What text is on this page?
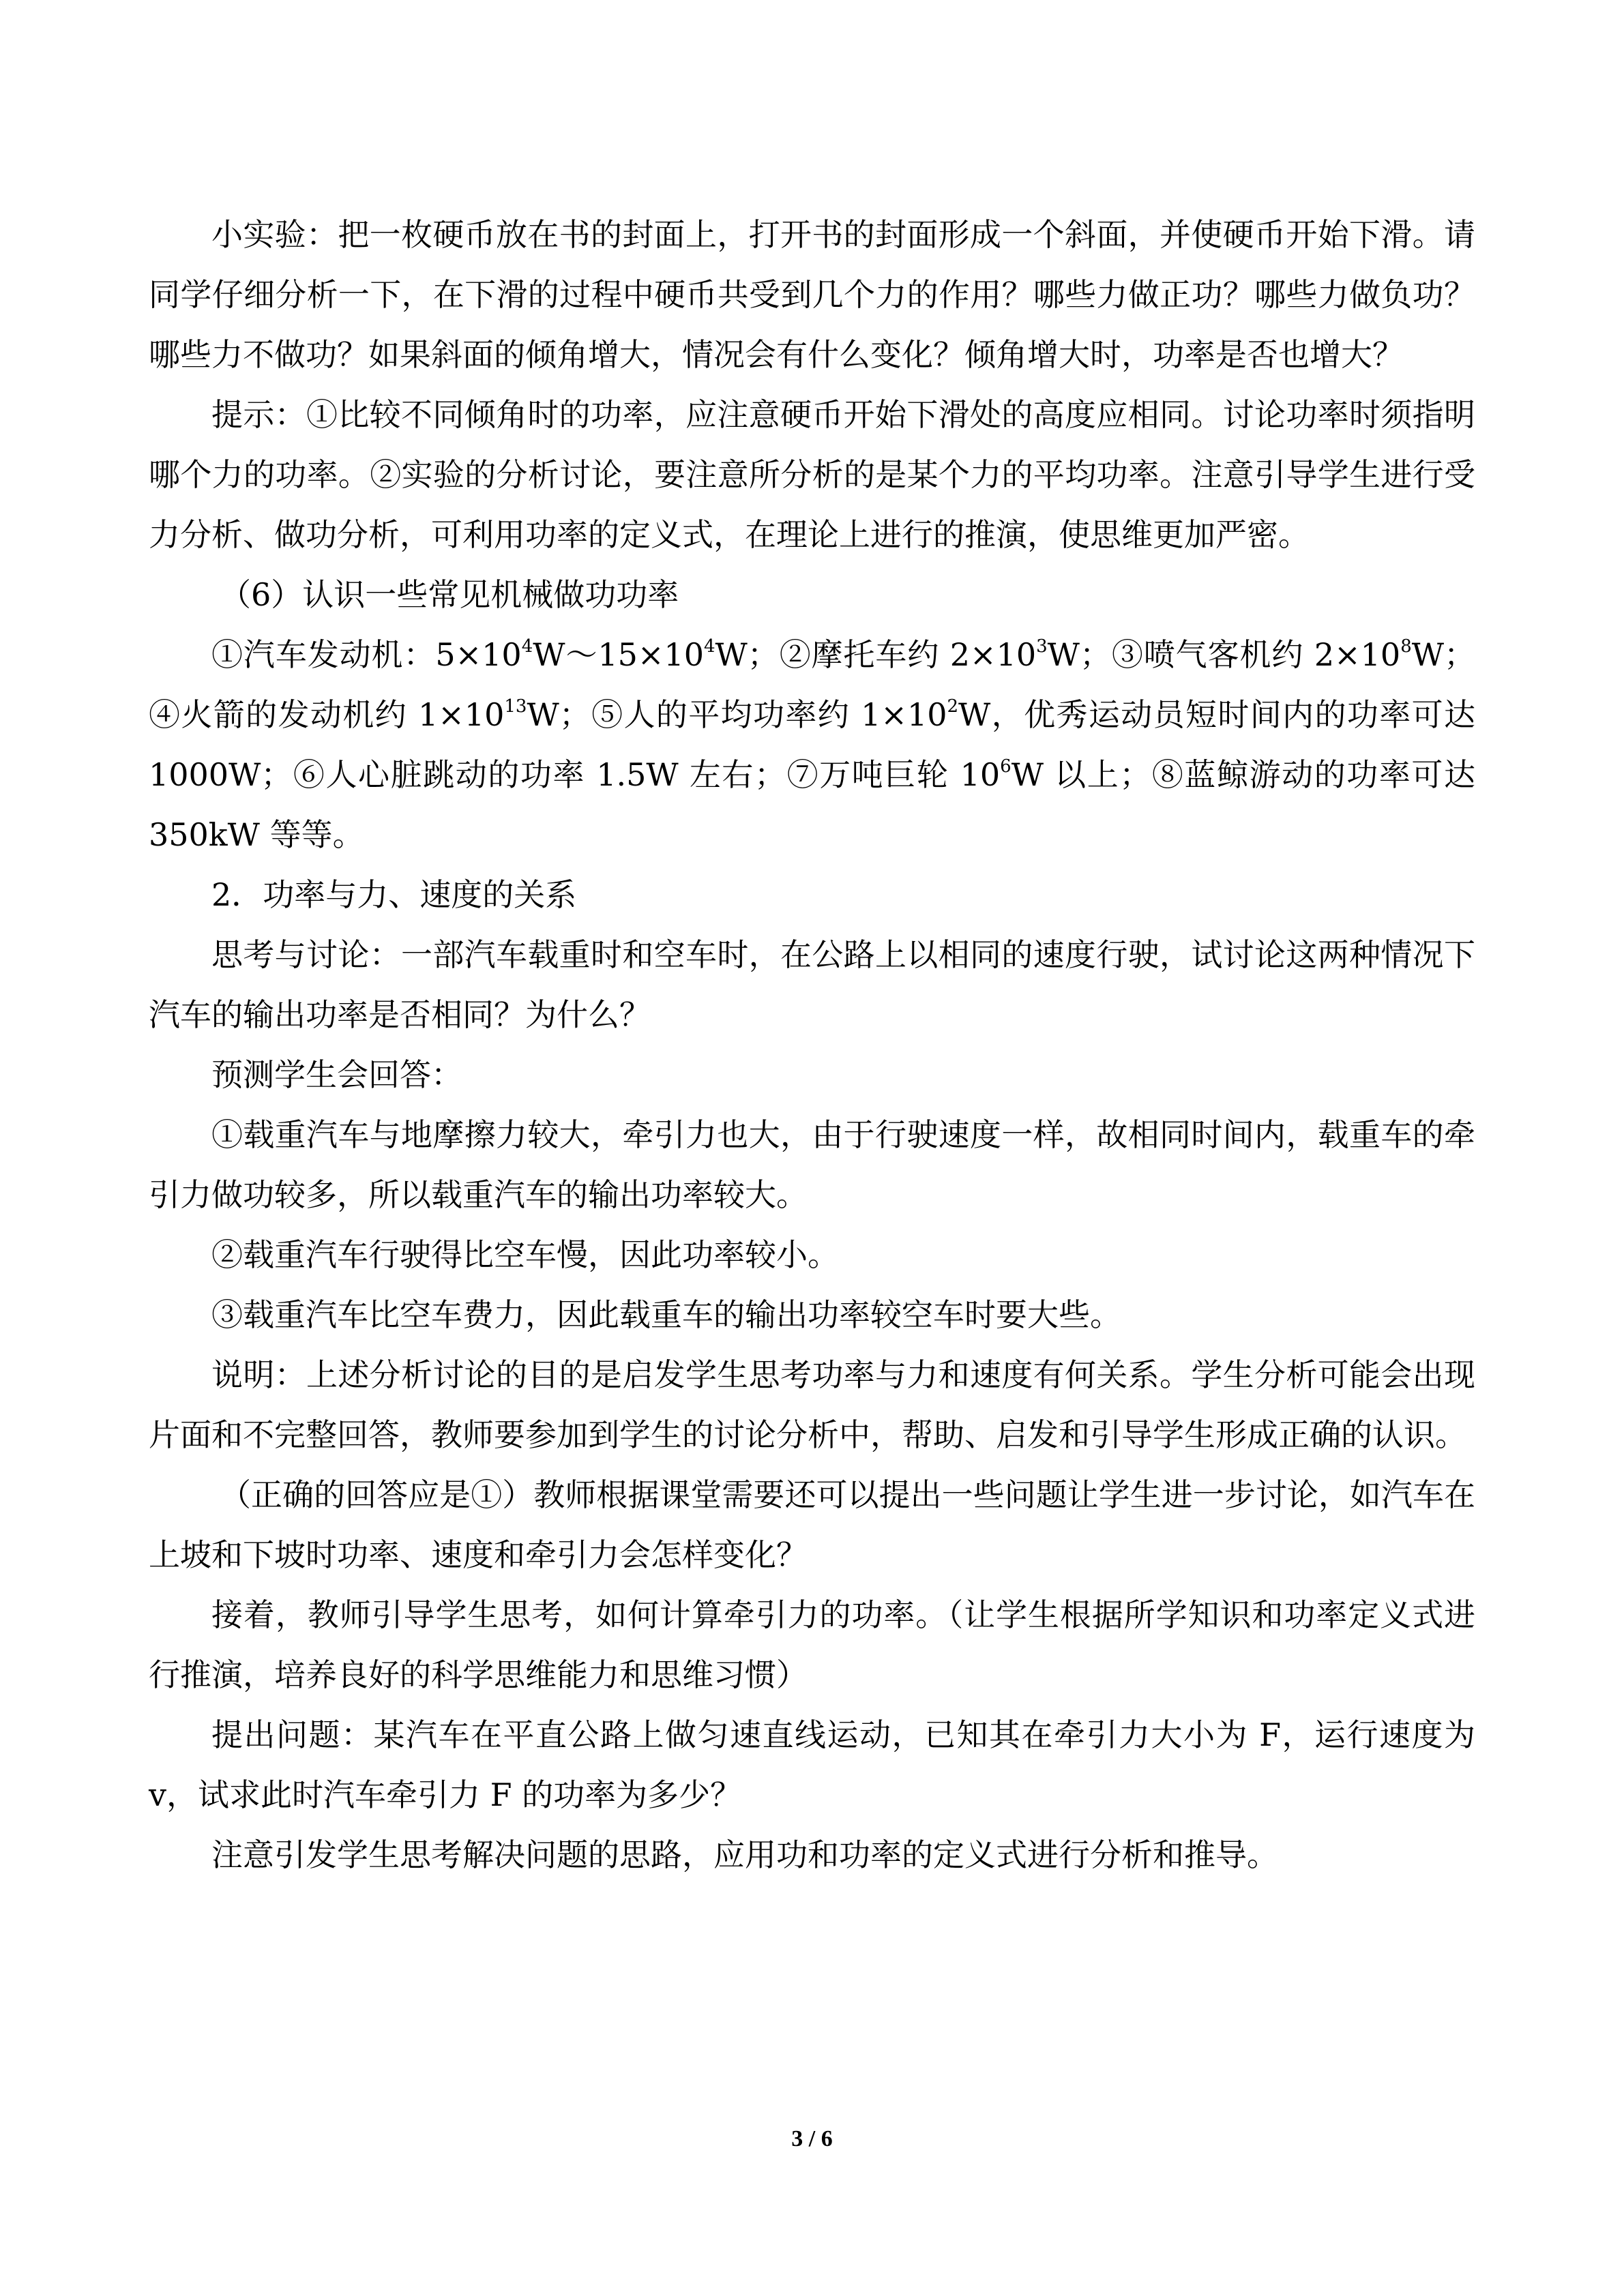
小实验：把一枚硬币放在书的封面上，打开书的封面形成一个斜面，并使硬币开始下滑。请同学仔细分析一下，在下滑的过程中硬币共受到几个力的作用？哪些力做正功？哪些力做负功？哪些力不做功？如果斜面的倾角增大，情况会有什么变化？倾角增大时，功率是否也增大？

提示：①比较不同倾角时的功率，应注意硬币开始下滑处的高度应相同。讨论功率时须指明哪个力的功率。②实验的分析讨论，要注意所分析的是某个力的平均功率。注意引导学生进行受力分析、做功分析，可利用功率的定义式，在理论上进行的推演，使思维更加严密。

（6）认识一些常见机械做功功率

①汽车发动机：$5\times 10^4W\sim 15\times 10^4W$；②摩托车约 $2\times 10^3W$；③喷气客机约 $2\times 10^8W$；④火箭的发动机约 $1\times 10^{13}W$；⑤人的平均功率约 $1\times 10^2W$，优秀运动员短时间内的功率可达 1000W；⑥人心脏跳动的功率 1.5W 左右；⑦万吨巨轮 $10^6W$ 以上；⑧蓝鲸游动的功率可达 350kW 等等。

2．功率与力、速度的关系

思考与讨论：一部汽车载重时和空车时，在公路上以相同的速度行驶，试讨论这两种情况下汽车的输出功率是否相同？为什么？

预测学生会回答：

①载重汽车与地摩擦力较大，牵引力也大，由于行驶速度一样，故相同时间内，载重车的牵引力做功较多，所以载重汽车的输出功率较大。

②载重汽车行驶得比空车慢，因此功率较小。

③载重汽车比空车费力，因此载重车的输出功率较空车时要大些。

说明：上述分析讨论的目的是启发学生思考功率与力和速度有何关系。学生分析可能会出现片面和不完整回答，教师要参加到学生的讨论分析中，帮助、启发和引导学生形成正确的认识。

（正确的回答应是①）教师根据课堂需要还可以提出一些问题让学生进一步讨论，如汽车在上坡和下坡时功率、速度和牵引力会怎样变化？

接着，教师引导学生思考，如何计算牵引力的功率。（让学生根据所学知识和功率定义式进行推演，培养良好的科学思维能力和思维习惯）

提出问题：某汽车在平直公路上做匀速直线运动，已知其在牵引力大小为 F，运行速度为 v，试求此时汽车牵引力 F 的功率为多少？

注意引发学生思考解决问题的思路，应用功和功率的定义式进行分析和推导。

3 / 6
